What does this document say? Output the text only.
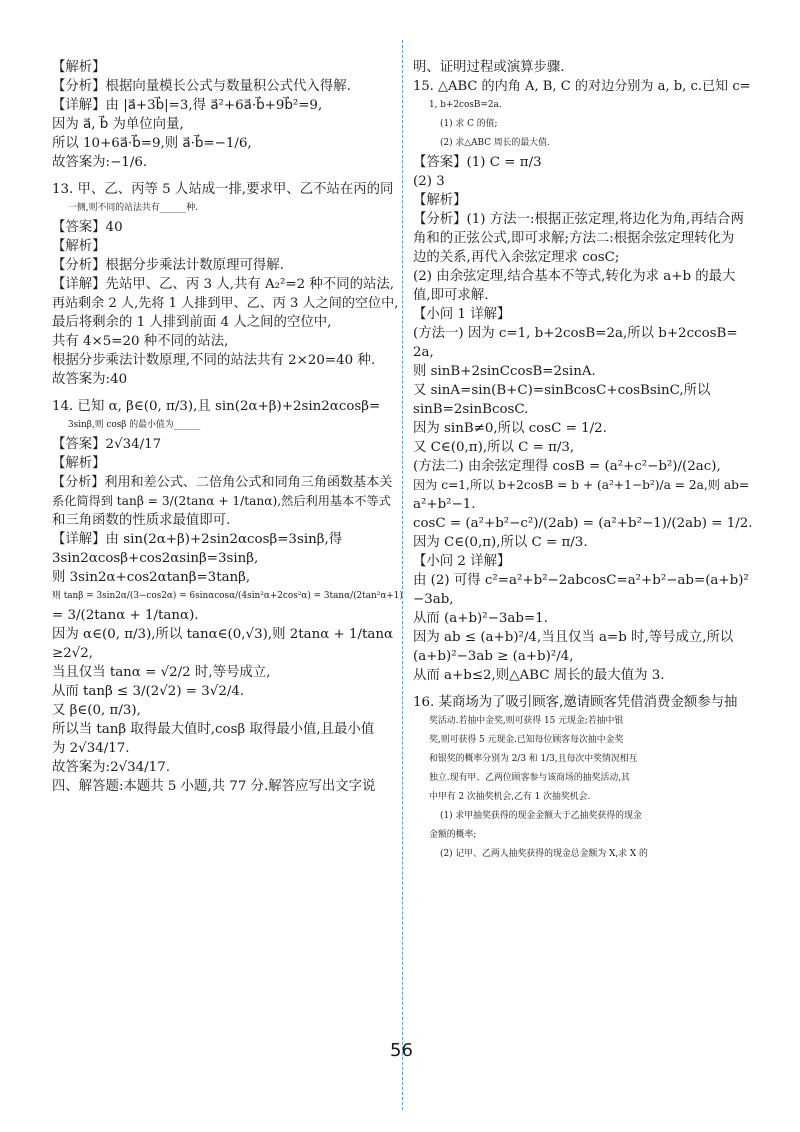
【解析】
【分析】根据向量模长公式与数量积公式代入得解.
【详解】由 |a⃗+3b⃗|=3,得 a⃗²+6a⃗·b⃗+9b⃗²=9,
因为 a⃗, b⃗ 为单位向量,
所以 10+6a⃗·b⃗=9,则 a⃗·b⃗=−1/6,
故答案为:−1/6.
13. 甲、乙、丙等 5 人站成一排,要求甲、乙不站在丙的同
一侧,则不同的站法共有______种.
【答案】40
【解析】
【分析】根据分步乘法计数原理可得解.
【详解】先站甲、乙、丙 3 人,共有 A₂²=2 种不同的站法,
再站剩余 2 人,先将 1 人排到甲、乙、丙 3 人之间的空位中,
最后将剩余的 1 人排到前面 4 人之间的空位中,
共有 4×5=20 种不同的站法,
根据分步乘法计数原理,不同的站法共有 2×20=40 种.
故答案为:40
14. 已知 α, β∈(0, π/3),且 sin(2α+β)+2sin2αcosβ=
3sinβ,则 cosβ 的最小值为______
【答案】2√34/17
【解析】
【分析】利用和差公式、二倍角公式和同角三角函数基本关
系化简得到 tanβ = 3/(2tanα + 1/tanα),然后利用基本不等式
和三角函数的性质求最值即可.
【详解】由 sin(2α+β)+2sin2αcosβ=3sinβ,得
3sin2αcosβ+cos2αsinβ=3sinβ,
则 3sin2α+cos2αtanβ=3tanβ,
则 tanβ = 3sin2α/(3−cos2α) = 6sinαcosα/(4sin²α+2cos²α) = 3tanα/(2tan²α+1)
= 3/(2tanα + 1/tanα).
因为 α∈(0, π/3),所以 tanα∈(0,√3),则 2tanα + 1/tanα
≥2√2,
当且仅当 tanα = √2/2 时,等号成立,
从而 tanβ ≤ 3/(2√2) = 3√2/4.
又 β∈(0, π/3),
所以当 tanβ 取得最大值时,cosβ 取得最小值,且最小值
为 2√34/17.
故答案为:2√34/17.
四、解答题:本题共 5 小题,共 77 分.解答应写出文字说
明、证明过程或演算步骤.
15. △ABC 的内角 A, B, C 的对边分别为 a, b, c.已知 c=
1, b+2cosB=2a.
(1) 求 C 的值;
(2) 求△ABC 周长的最大值.
【答案】(1) C = π/3
(2) 3
【解析】
【分析】(1) 方法一:根据正弦定理,将边化为角,再结合两
角和的正弦公式,即可求解;方法二:根据余弦定理转化为
边的关系,再代入余弦定理求 cosC;
(2) 由余弦定理,结合基本不等式,转化为求 a+b 的最大
值,即可求解.
【小问 1 详解】
(方法一) 因为 c=1, b+2cosB=2a,所以 b+2ccosB=
2a,
则 sinB+2sinCcosB=2sinA.
又 sinA=sin(B+C)=sinBcosC+cosBsinC,所以
sinB=2sinBcosC.
因为 sinB≠0,所以 cosC = 1/2.
又 C∈(0,π),所以 C = π/3,
(方法二) 由余弦定理得 cosB = (a²+c²−b²)/(2ac),
因为 c=1,所以 b+2cosB = b + (a²+1−b²)/a = 2a,则 ab=
a²+b²−1.
cosC = (a²+b²−c²)/(2ab) = (a²+b²−1)/(2ab) = 1/2.
因为 C∈(0,π),所以 C = π/3.
【小问 2 详解】
由 (2) 可得 c²=a²+b²−2abcosC=a²+b²−ab=(a+b)²
−3ab,
从而 (a+b)²−3ab=1.
因为 ab ≤ (a+b)²/4,当且仅当 a=b 时,等号成立,所以
(a+b)²−3ab ≥ (a+b)²/4,
从而 a+b≤2,则△ABC 周长的最大值为 3.
16. 某商场为了吸引顾客,邀请顾客凭借消费金额参与抽
奖活动.若抽中金奖,则可获得 15 元现金;若抽中银
奖,则可获得 5 元现金.已知每位顾客每次抽中金奖
和银奖的概率分别为 2/3 和 1/3,且每次中奖情况相互
独立.现有甲、乙两位顾客参与该商场的抽奖活动,其
中甲有 2 次抽奖机会,乙有 1 次抽奖机会.
(1) 求甲抽奖获得的现金金额大于乙抽奖获得的现金
金额的概率;
(2) 记甲、乙两人抽奖获得的现金总金额为 X,求 X 的
56
